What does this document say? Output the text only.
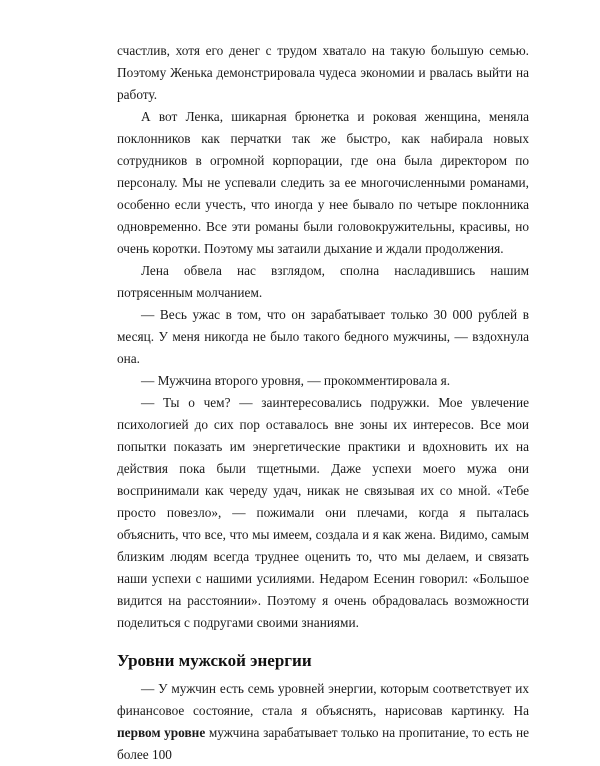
счастлив, хотя его денег с трудом хватало на такую большую семью. Поэтому Женька демонстрировала чудеса экономии и рвалась выйти на работу.

А вот Ленка, шикарная брюнетка и роковая женщина, меняла поклонников как перчатки так же быстро, как набирала новых сотрудников в огромной корпорации, где она была директором по персоналу. Мы не успевали следить за ее многочисленными романами, особенно если учесть, что иногда у нее бывало по четыре поклонника одновременно. Все эти романы были головокружительны, красивы, но очень коротки. Поэтому мы затаили дыхание и ждали продолжения.

Лена обвела нас взглядом, сполна насладившись нашим потрясенным молчанием.

— Весь ужас в том, что он зарабатывает только 30 000 рублей в месяц. У меня никогда не было такого бедного мужчины, — вздохнула она.

— Мужчина второго уровня, — прокомментировала я.

— Ты о чем? — заинтересовались подружки. Мое увлечение психологией до сих пор оставалось вне зоны их интересов. Все мои попытки показать им энергетические практики и вдохновить их на действия пока были тщетными. Даже успехи моего мужа они воспринимали как череду удач, никак не связывая их со мной. «Тебе просто повезло», — пожимали они плечами, когда я пыталась объяснить, что все, что мы имеем, создала и я как жена. Видимо, самым близким людям всегда труднее оценить то, что мы делаем, и связать наши успехи с нашими усилиями. Недаром Есенин говорил: «Большое видится на расстоянии». Поэтому я очень обрадовалась возможности поделиться с подругами своими знаниями.

Уровни мужской энергии

— У мужчин есть семь уровней энергии, которым соответствует их финансовое состояние, стала я объяснять, нарисовав картинку. На первом уровне мужчина зарабатывает только на пропитание, то есть не более 100
